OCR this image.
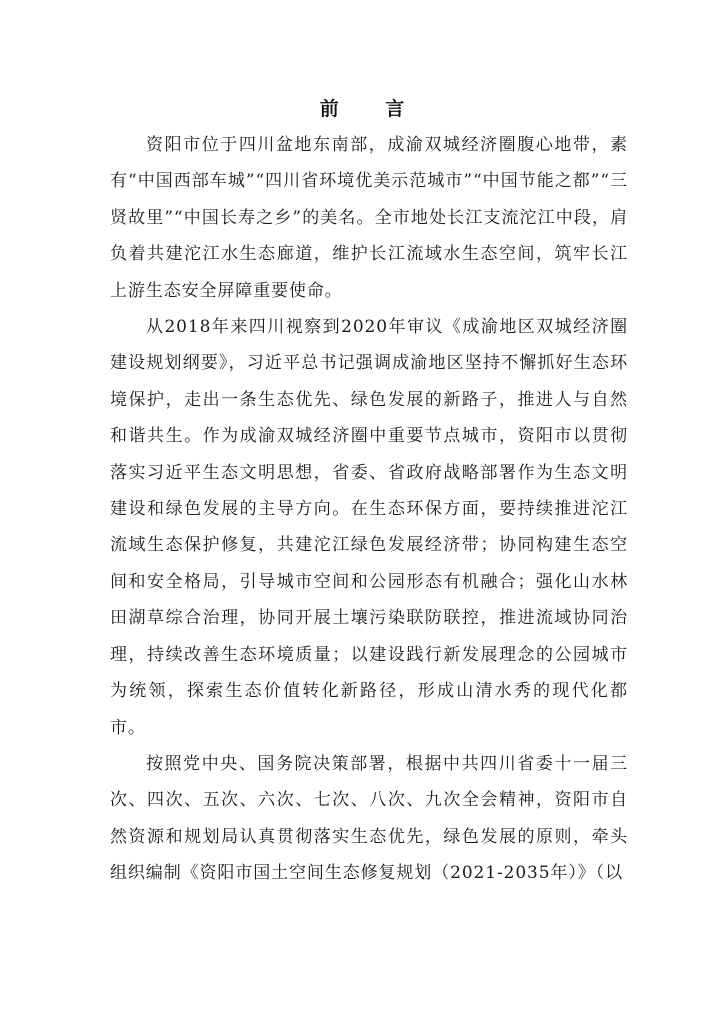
前 言

资阳市位于四川盆地东南部，成渝双城经济圈腹心地带，素有“中国西部车城”“四川省环境优美示范城市”“中国节能之都”“三贤故里”“中国长寿之乡”的美名。全市地处长江支流沱江中段，肩负着共建沱江水生态廊道，维护长江流域水生态空间，筑牢长江上游生态安全屏障重要使命。

从2018年来四川视察到2020年审议《成渝地区双城经济圈建设规划纲要》，习近平总书记强调成渝地区坚持不懈抓好生态环境保护，走出一条生态优先、绿色发展的新路子，推进人与自然和谐共生。作为成渝双城经济圈中重要节点城市，资阳市以贯彻落实习近平生态文明思想，省委、省政府战略部署作为生态文明建设和绿色发展的主导方向。在生态环保方面，要持续推进沱江流域生态保护修复，共建沱江绿色发展经济带；协同构建生态空间和安全格局，引导城市空间和公园形态有机融合；强化山水林田湖草综合治理，协同开展土壤污染联防联控，推进流域协同治理，持续改善生态环境质量；以建设践行新发展理念的公园城市为统领，探索生态价值转化新路径，形成山清水秀的现代化都市。

按照党中央、国务院决策部署，根据中共四川省委十一届三次、四次、五次、六次、七次、八次、九次全会精神，资阳市自然资源和规划局认真贯彻落实生态优先，绿色发展的原则，牵头组织编制《资阳市国土空间生态修复规划（2021-2035年）》（以
